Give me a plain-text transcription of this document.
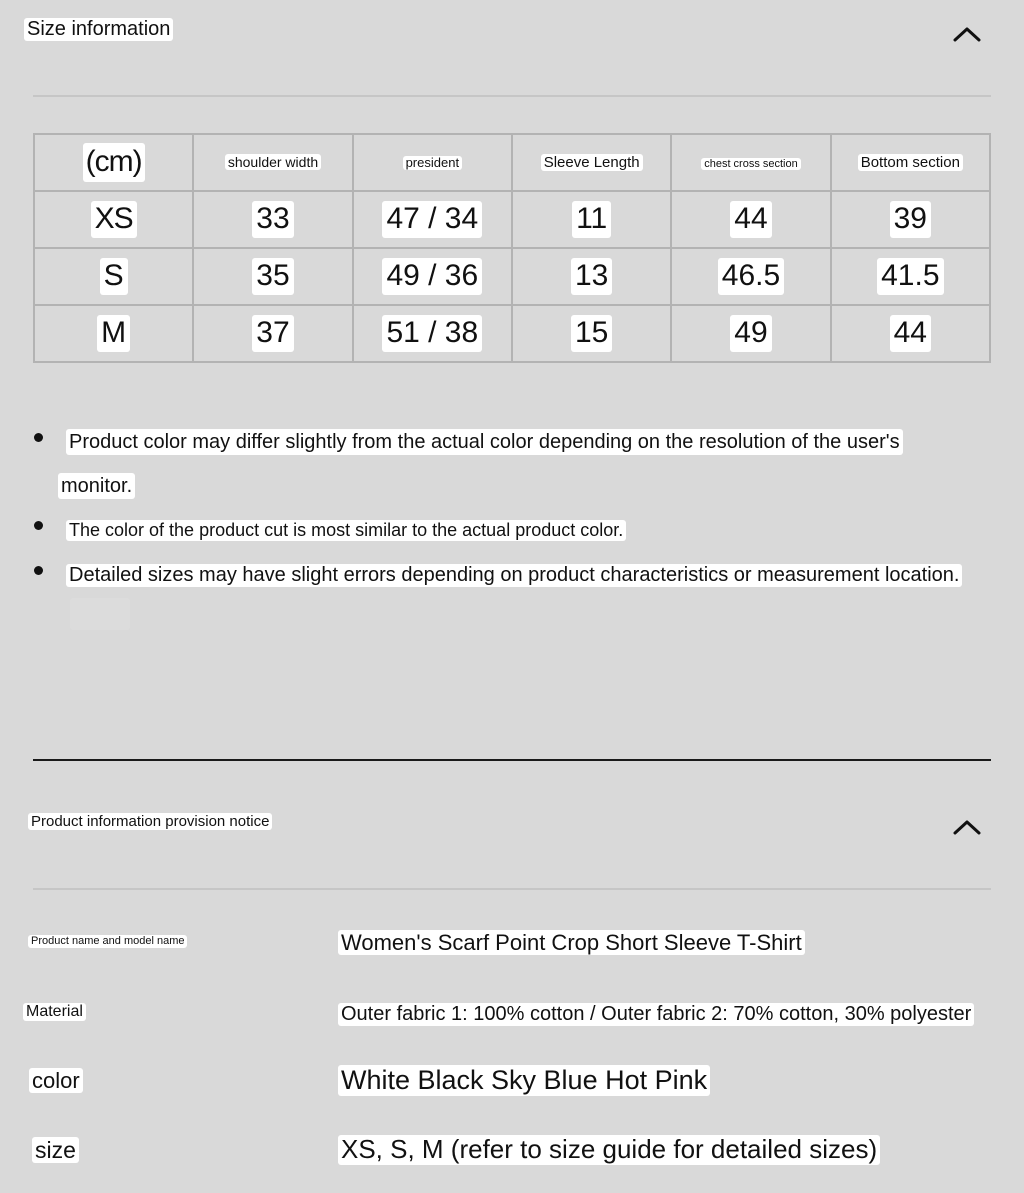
Size information
(cm)	shoulder width	president	Sleeve Length	chest cross section	Bottom section
XS	33	47 / 34	11	44	39
S	35	49 / 36	13	46.5	41.5
M	37	51 / 38	15	49	44
Product color may differ slightly from the actual color depending on the resolution of the user's
monitor.
The color of the product cut is most similar to the actual product color.
Detailed sizes may have slight errors depending on product characteristics or measurement location.
Product information provision notice
Product name and model name	Women's Scarf Point Crop Short Sleeve T-Shirt
Material	Outer fabric 1: 100% cotton / Outer fabric 2: 70% cotton, 30% polyester
color	White Black Sky Blue Hot Pink
size	XS, S, M (refer to size guide for detailed sizes)
